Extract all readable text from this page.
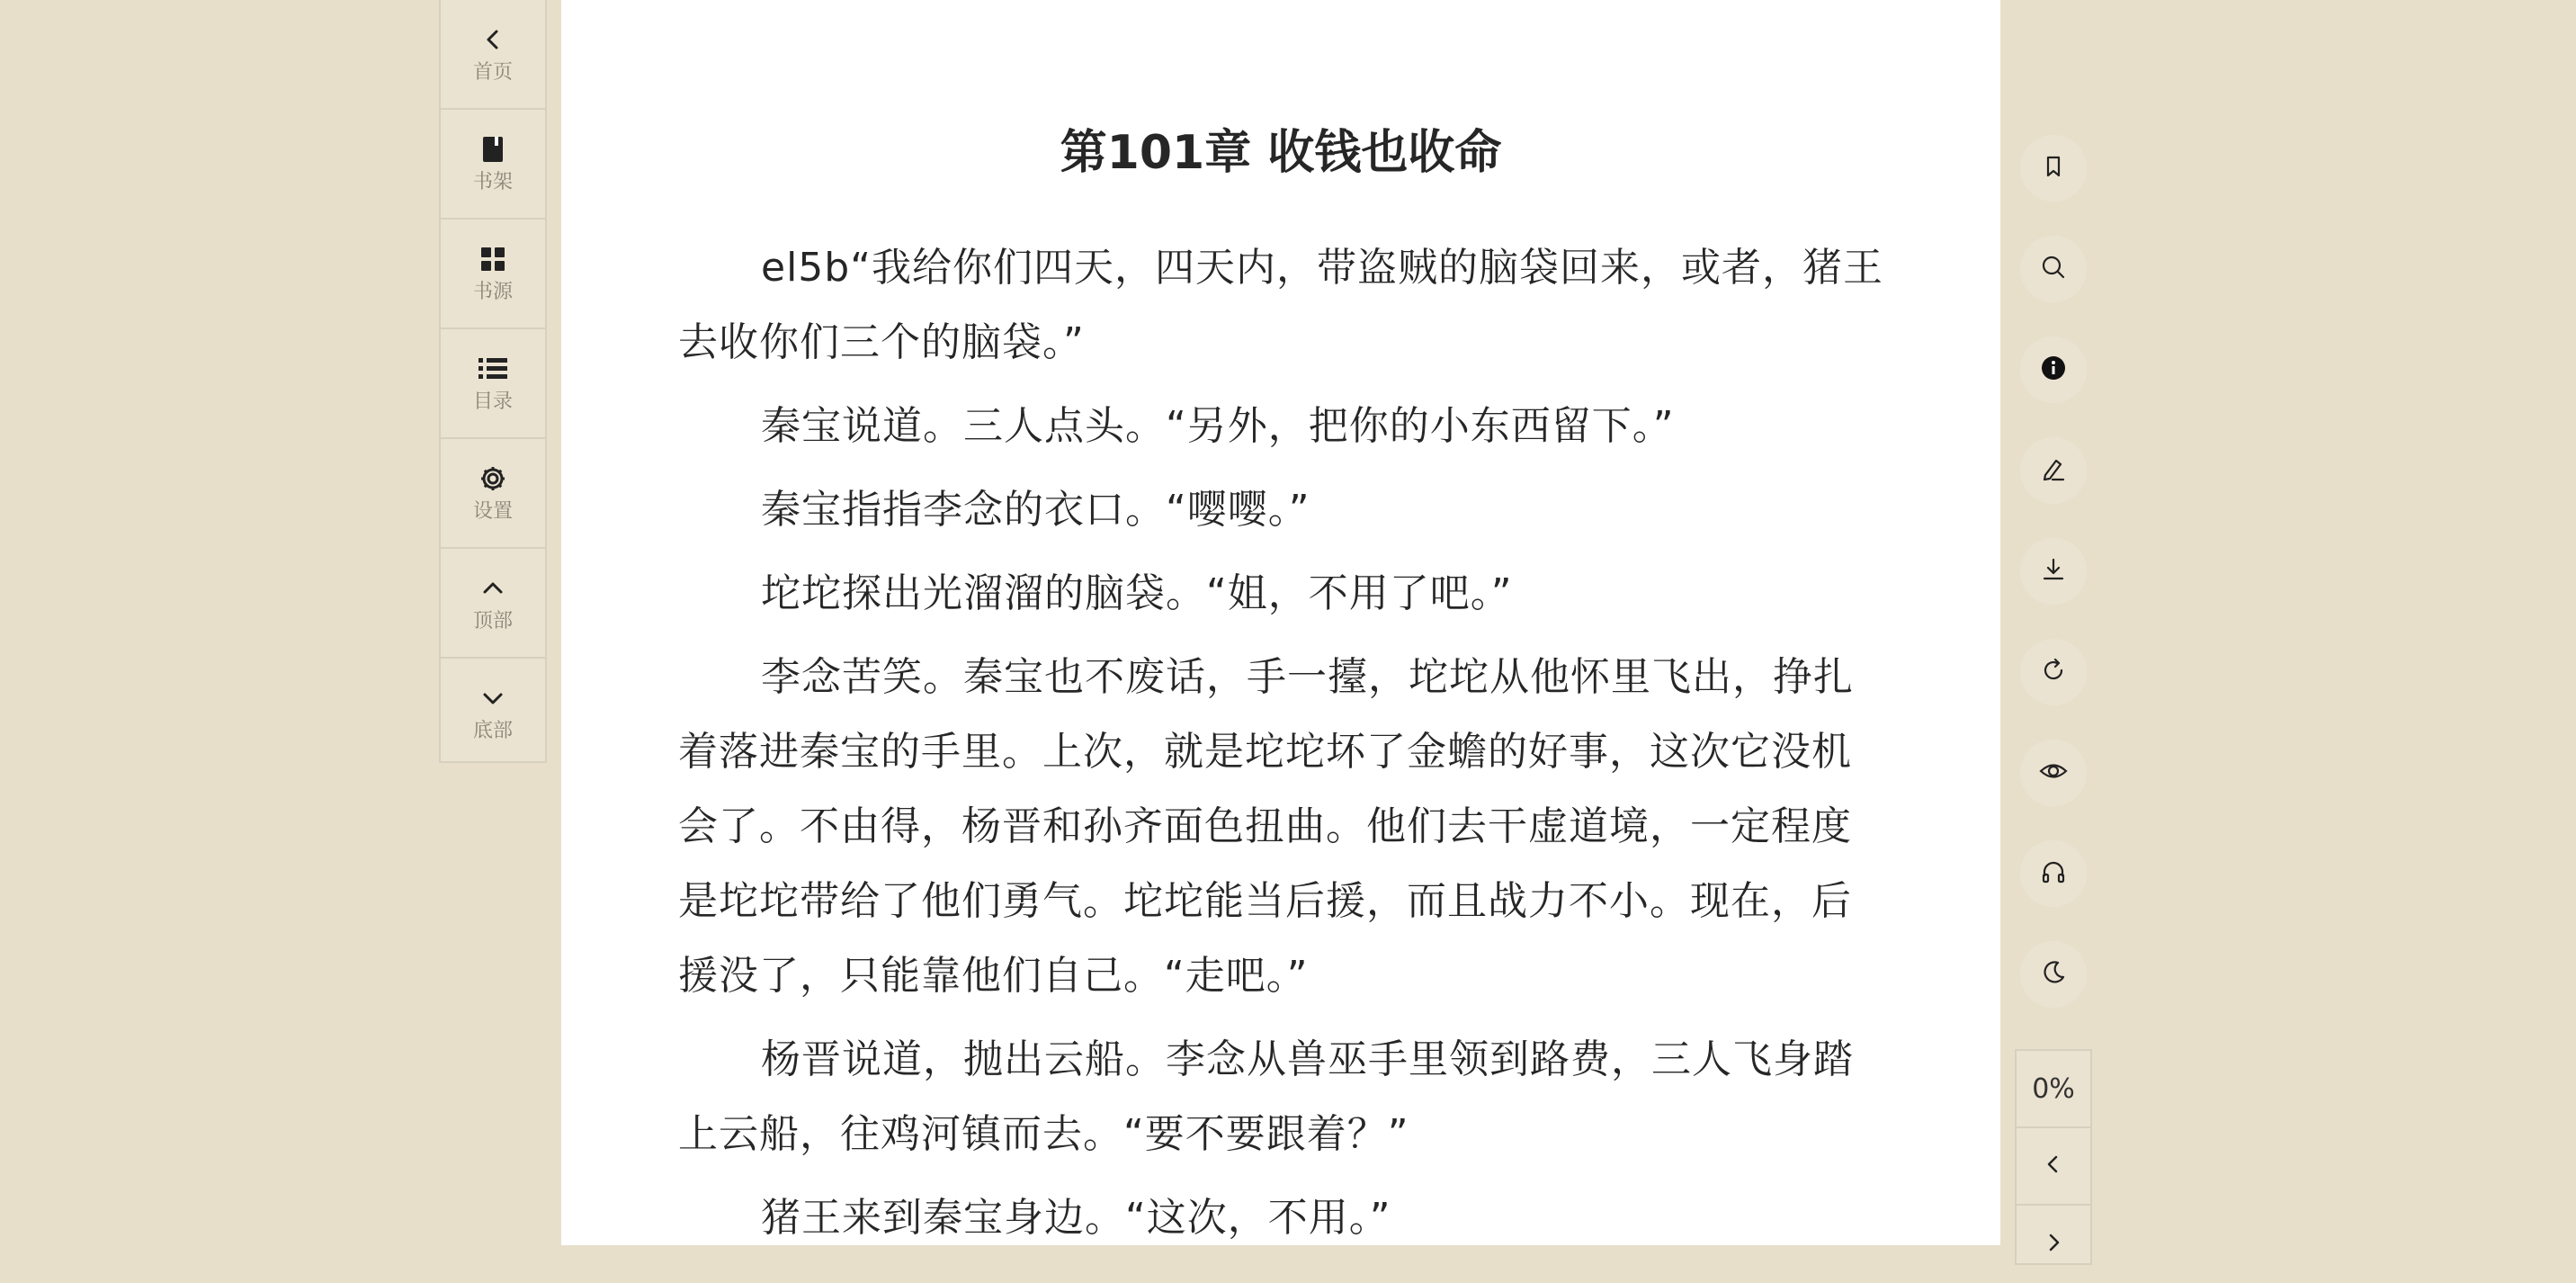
首页
书架
书源
目录
设置
顶部
底部
第101章 收钱也收命

el5b“我给你们四天，四天内，带盗贼的脑袋回来，或者，猪王去收你们三个的脑袋。”

秦宝说道。三人点头。“另外，把你的小东西留下。”

秦宝指指李念的衣口。“嘤嘤。”

坨坨探出光溜溜的脑袋。“姐，不用了吧。”

李念苦笑。秦宝也不废话，手一擡，坨坨从他怀里飞出，挣扎着落进秦宝的手里。上次，就是坨坨坏了金蟾的好事，这次它没机会了。不由得，杨晋和孙齐面色扭曲。他们去干虚道境，一定程度是坨坨带给了他们勇气。坨坨能当后援，而且战力不小。现在，后援没了，只能靠他们自己。“走吧。”

杨晋说道，抛出云船。李念从兽巫手里领到路费，三人飞身踏上云船，往鸡河镇而去。“要不要跟着？”

猪王来到秦宝身边。“这次，不用。”

0%
